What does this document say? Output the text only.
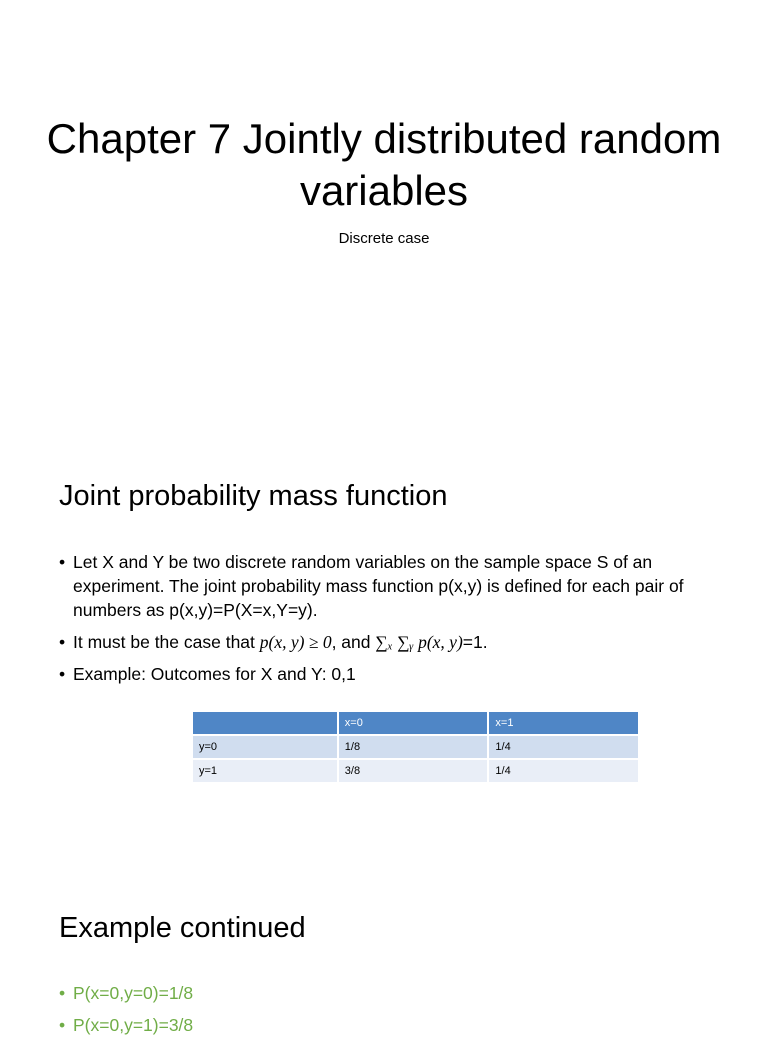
Chapter 7 Jointly distributed random variables
Discrete case
Joint probability mass function
• Let X and Y be two discrete random variables on the sample space S of an experiment. The joint probability mass function p(x,y) is defined for each pair of numbers as p(x,y)=P(X=x,Y=y).
• It must be the case that p(x, y) ≥ 0, and ∑ₓ ∑ᵧ p(x, y)=1.
• Example: Outcomes for X and Y: 0,1
	x=0	x=1
y=0	1/8	1/4
y=1	3/8	1/4
Example continued
• P(x=0,y=0)=1/8
• P(x=0,y=1)=3/8
